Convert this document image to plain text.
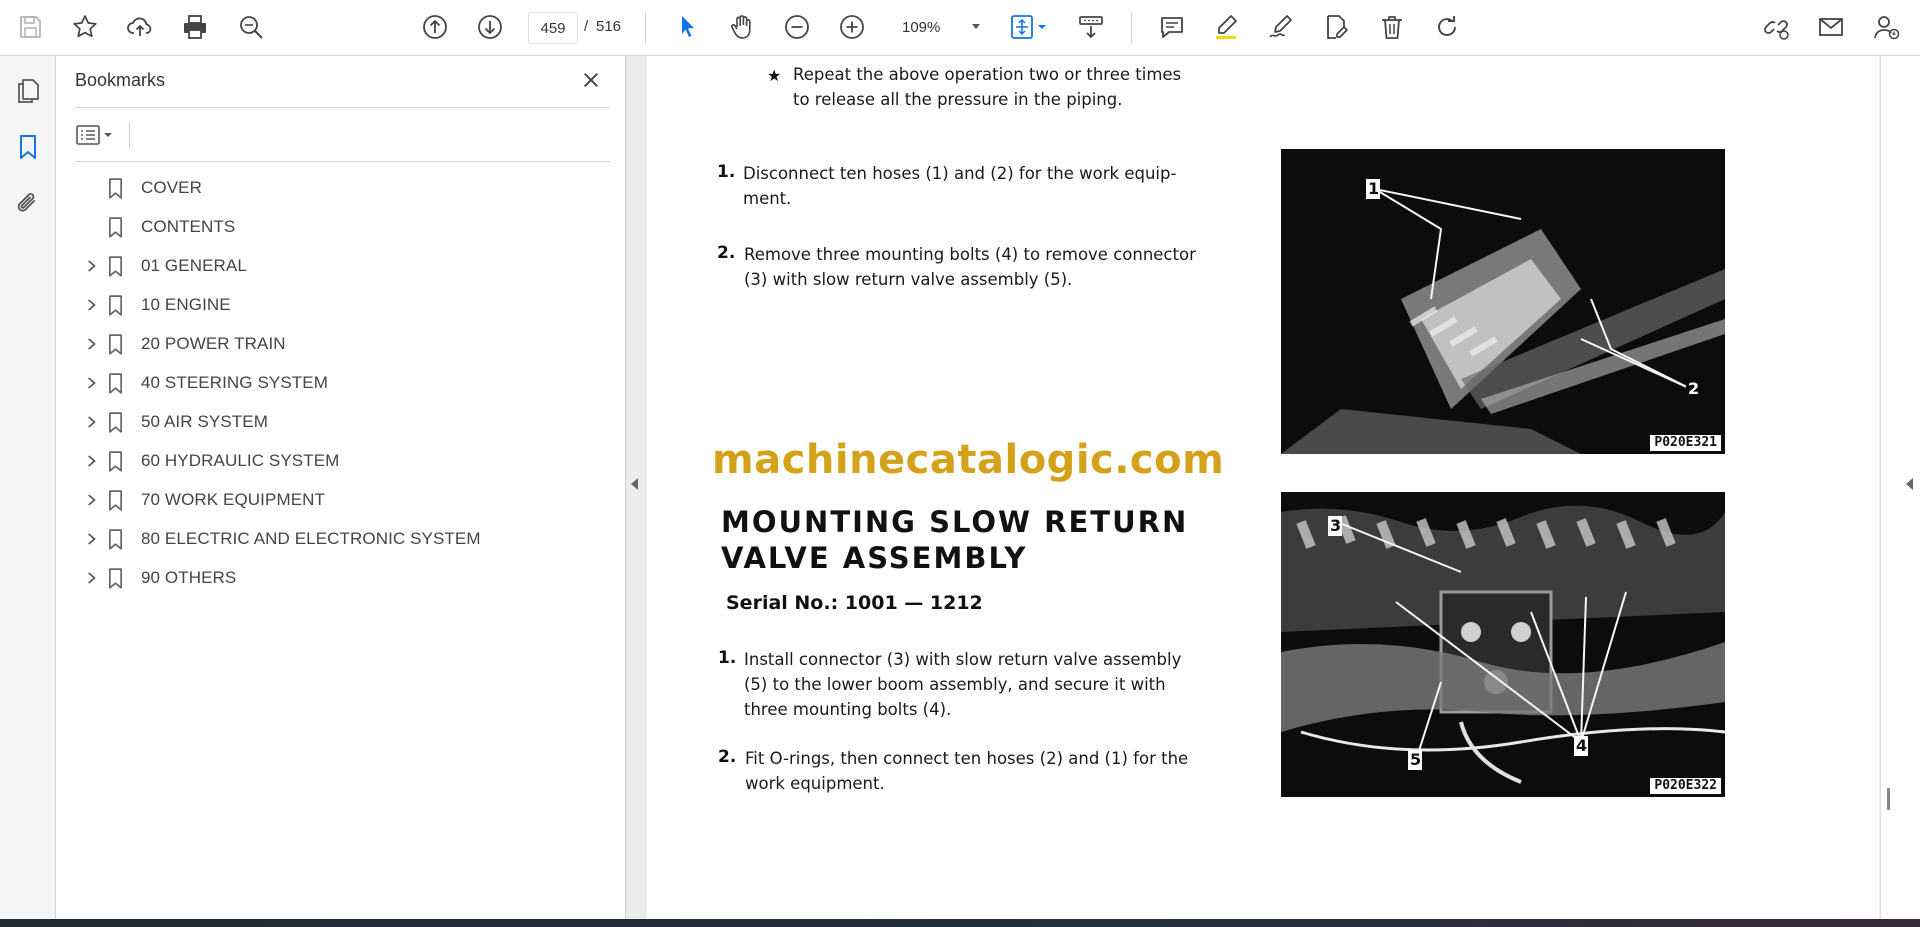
459	/ 516	109%
Bookmarks
COVER
CONTENTS
01 GENERAL
10 ENGINE
20 POWER TRAIN
40 STEERING SYSTEM
50 AIR SYSTEM
60 HYDRAULIC SYSTEM
70 WORK EQUIPMENT
80 ELECTRIC AND ELECTRONIC SYSTEM
90 OTHERS
★ Repeat the above operation two or three times
to release all the pressure in the piping.
1. Disconnect ten hoses (1) and (2) for the work equip-
ment.
2. Remove three mounting bolts (4) to remove connector
(3) with slow return valve assembly (5).
machinecatalogic.com
MOUNTING SLOW RETURN
VALVE ASSEMBLY
Serial No.: 1001 — 1212
1. Install connector (3) with slow return valve assembly
(5) to the lower boom assembly, and secure it with
three mounting bolts (4).
2. Fit O-rings, then connect ten hoses (2) and (1) for the
work equipment.
1
2
P020E321
3
5
4
P020E322
